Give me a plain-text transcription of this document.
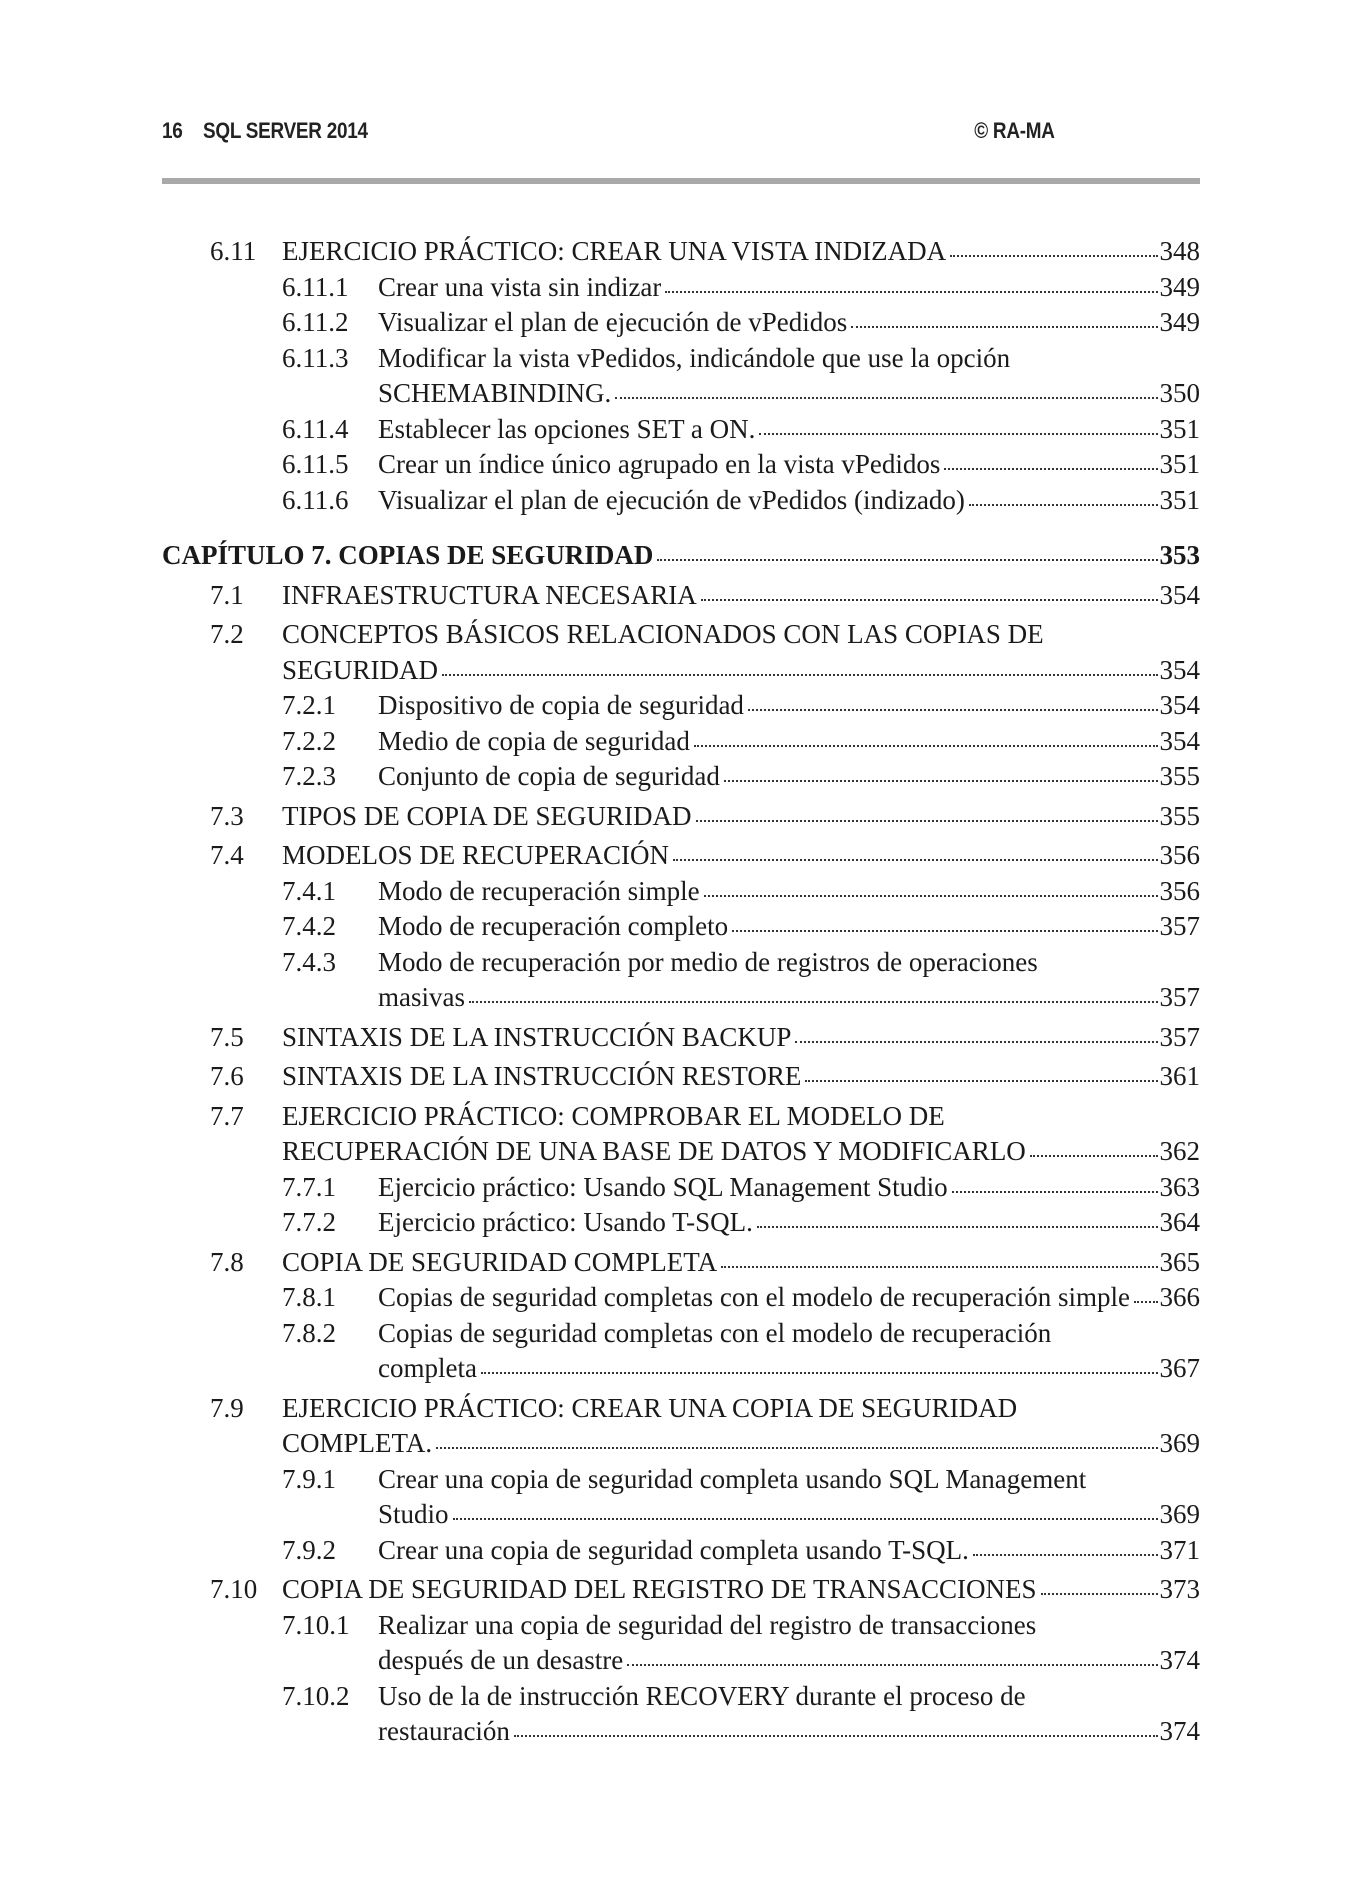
16 SQL SERVER 2014	© RA-MA
6.11 EJERCICIO PRÁCTICO: CREAR UNA VISTA INDIZADA	348
6.11.1 Crear una vista sin indizar	349
6.11.2 Visualizar el plan de ejecución de vPedidos	349
6.11.3 Modificar la vista vPedidos, indicándole que use la opción
SCHEMABINDING.	350
6.11.4 Establecer las opciones SET a ON.	351
6.11.5 Crear un índice único agrupado en la vista vPedidos	351
6.11.6 Visualizar el plan de ejecución de vPedidos (indizado)	351
CAPÍTULO 7. COPIAS DE SEGURIDAD	353
7.1 INFRAESTRUCTURA NECESARIA	354
7.2 CONCEPTOS BÁSICOS RELACIONADOS CON LAS COPIAS DE
SEGURIDAD	354
7.2.1 Dispositivo de copia de seguridad	354
7.2.2 Medio de copia de seguridad	354
7.2.3 Conjunto de copia de seguridad	355
7.3 TIPOS DE COPIA DE SEGURIDAD	355
7.4 MODELOS DE RECUPERACIÓN	356
7.4.1 Modo de recuperación simple	356
7.4.2 Modo de recuperación completo	357
7.4.3 Modo de recuperación por medio de registros de operaciones
masivas	357
7.5 SINTAXIS DE LA INSTRUCCIÓN BACKUP	357
7.6 SINTAXIS DE LA INSTRUCCIÓN RESTORE	361
7.7 EJERCICIO PRÁCTICO: COMPROBAR EL MODELO DE
RECUPERACIÓN DE UNA BASE DE DATOS Y MODIFICARLO	362
7.7.1 Ejercicio práctico: Usando SQL Management Studio	363
7.7.2 Ejercicio práctico: Usando T-SQL.	364
7.8 COPIA DE SEGURIDAD COMPLETA	365
7.8.1 Copias de seguridad completas con el modelo de recuperación simple 366
7.8.2 Copias de seguridad completas con el modelo de recuperación
completa	367
7.9 EJERCICIO PRÁCTICO: CREAR UNA COPIA DE SEGURIDAD
COMPLETA.	369
7.9.1 Crear una copia de seguridad completa usando SQL Management
Studio	369
7.9.2 Crear una copia de seguridad completa usando T-SQL.	371
7.10 COPIA DE SEGURIDAD DEL REGISTRO DE TRANSACCIONES	373
7.10.1 Realizar una copia de seguridad del registro de transacciones
después de un desastre	374
7.10.2 Uso de la de instrucción RECOVERY durante el proceso de
restauración	374
